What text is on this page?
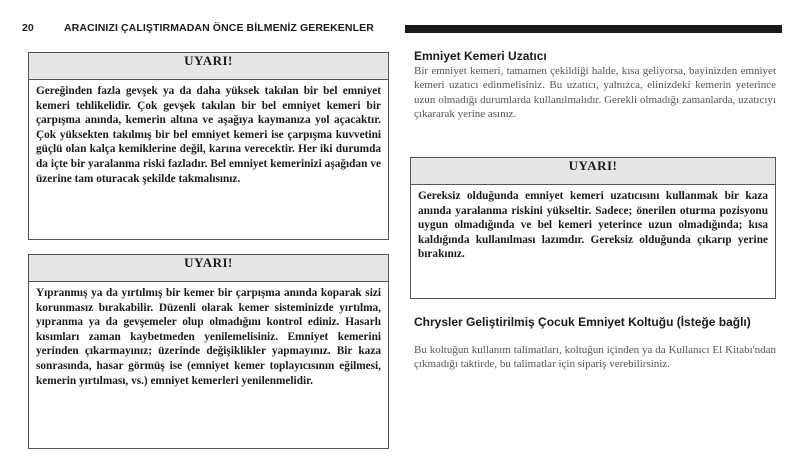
20	ARACINIZI ÇALIŞTIRMADAN ÖNCE BİLMENİZ GEREKENLER
UYARI!
Gereğinden fazla gevşek ya da daha yüksek takılan bir bel emniyet kemeri tehlikelidir. Çok gevşek takılan bir bel emniyet kemeri bir çarpışma anında, kemerin altına ve aşağıya kaymanıza yol açacaktır. Çok yüksekten takılmış bir bel emniyet kemeri ise çarpışma kuvvetini güçlü olan kalça kemiklerine değil, karına verecektir. Her iki durumda da içte bir yaralanma riski fazladır. Bel emniyet kemerinizi aşağıdan ve üzerine tam oturacak şekilde takmalısınız.
UYARI!
Yıpranmış ya da yırtılmış bir kemer bir çarpışma anında koparak sizi korunmasız bırakabilir. Düzenli olarak kemer sisteminizde yırtılma, yıpranma ya da gevşemeler olup olmadığını kontrol ediniz. Hasarlı kısımları zaman kaybetmeden yenilemelisiniz. Emniyet kemerini yerinden çıkarmayınız; üzerinde değişiklikler yapmayınız. Bir kaza sonrasında, hasar görmüş ise (emniyet kemer toplayıcısının eğilmesi, kemerin yırtılması, vs.) emniyet kemerleri yenilenmelidir.
Emniyet Kemeri Uzatıcı
Bir emniyet kemeri, tamamen çekildiği halde, kısa geliyorsa, bayinizden emniyet kemeri uzatıcı edinmelisiniz. Bu uzatıcı, yalnızca, elinizdeki kemerin yeterince uzun olmadığı durumlarda kullanılmalıdır. Gerekli olmadığı zamanlarda, uzatıcıyı çıkararak yerine asınız.
UYARI!
Gereksiz olduğunda emniyet kemeri uzatıcısını kullanmak bir kaza anında yaralanma riskini yükseltir. Sadece; önerilen oturma pozisyonu uygun olmadığında ve bel kemeri yeterince uzun olmadığında; kısa kaldığında kullanılması lazımdır. Gereksiz olduğunda çıkarıp yerine bırakınız.
Chrysler Geliştirilmiş Çocuk Emniyet Koltuğu (İsteğe bağlı)
Bu koltuğun kullanım talimatları, koltuğun içinden ya da Kullanıcı El Kitabı'ndan çıkmadığı taktirde, bu talimatlar için sipariş verebilirsiniz.
